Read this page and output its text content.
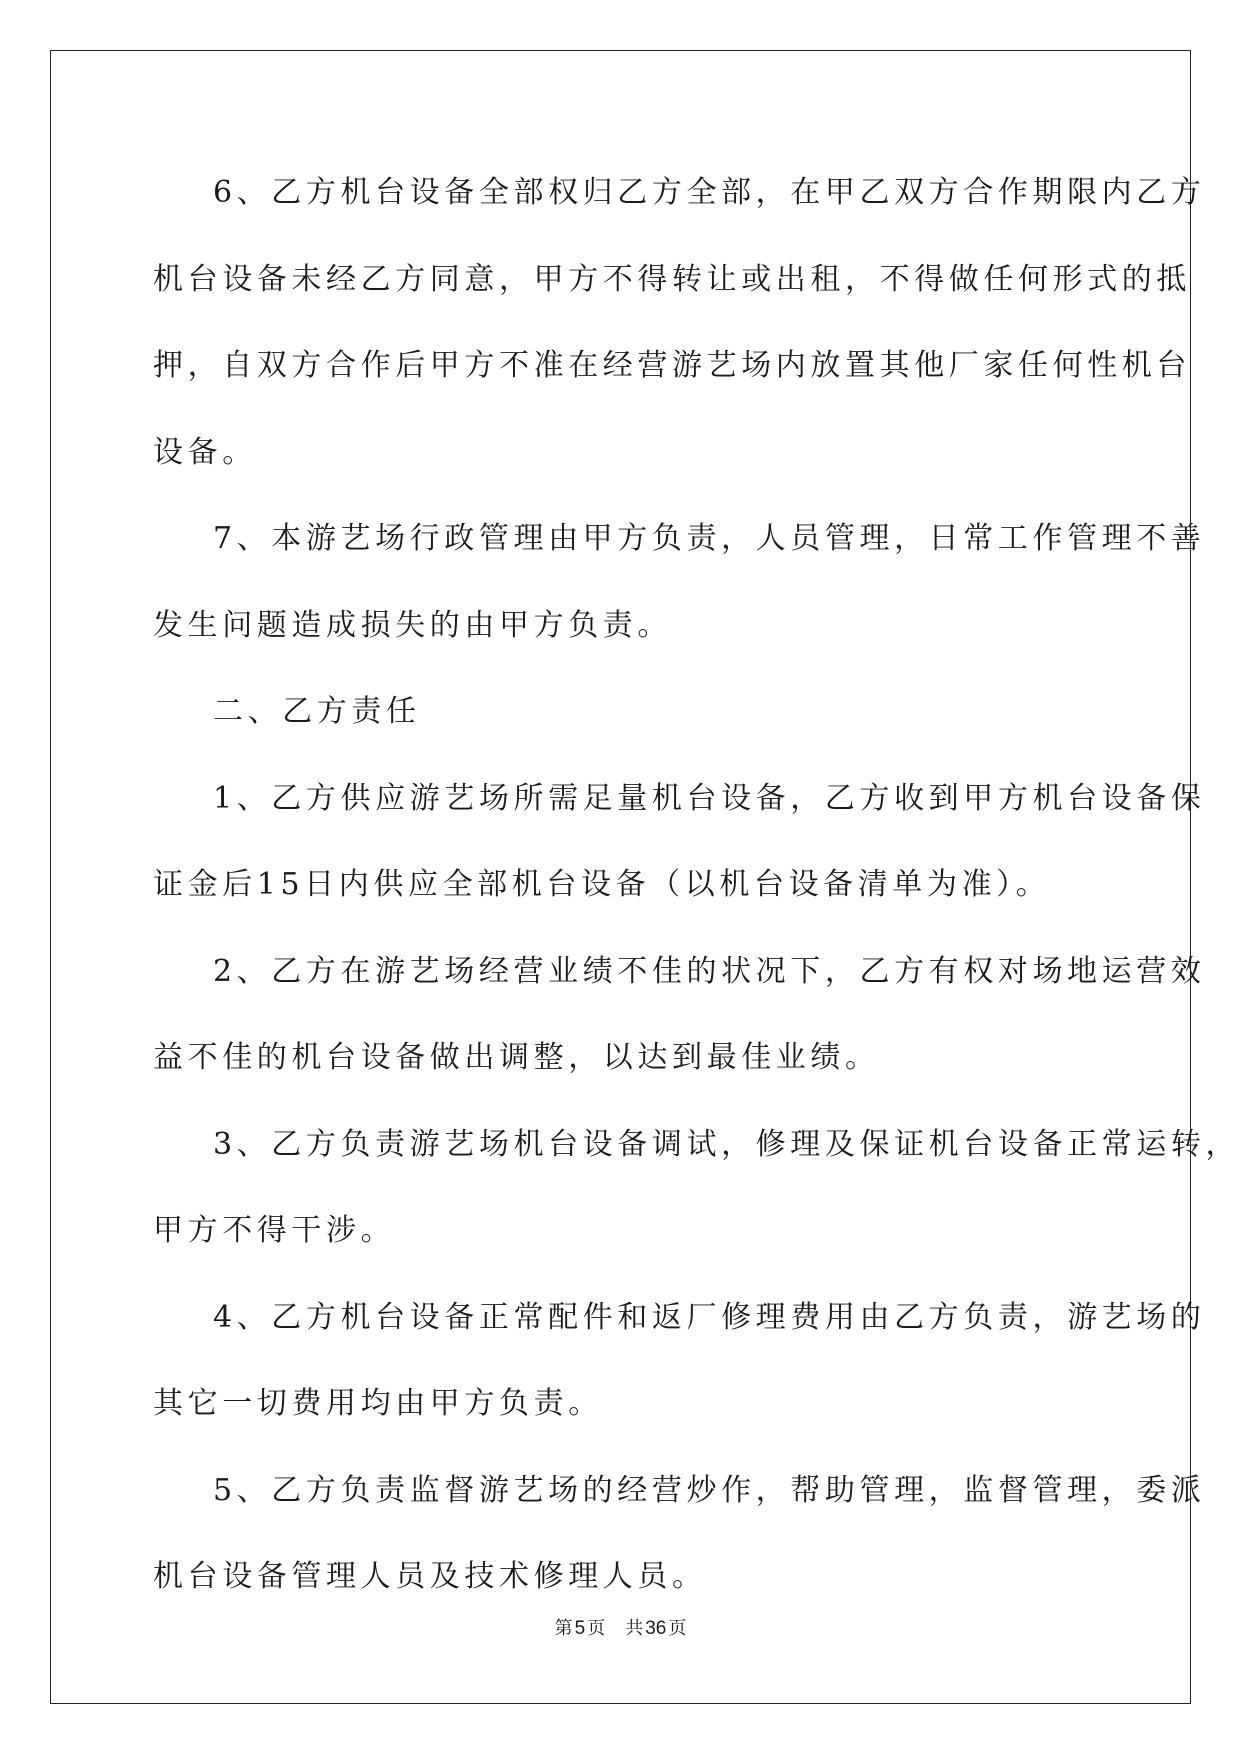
6、乙方机台设备全部权归乙方全部，在甲乙双方合作期限内乙方
机台设备未经乙方同意，甲方不得转让或出租，不得做任何形式的抵
押，自双方合作后甲方不准在经营游艺场内放置其他厂家任何性机台
设备。
7、本游艺场行政管理由甲方负责，人员管理，日常工作管理不善
发生问题造成损失的由甲方负责。
二、乙方责任
1、乙方供应游艺场所需足量机台设备，乙方收到甲方机台设备保
证金后15日内供应全部机台设备（以机台设备清单为准）。
2、乙方在游艺场经营业绩不佳的状况下，乙方有权对场地运营效
益不佳的机台设备做出调整，以达到最佳业绩。
3、乙方负责游艺场机台设备调试，修理及保证机台设备正常运转，
甲方不得干涉。
4、乙方机台设备正常配件和返厂修理费用由乙方负责，游艺场的
其它一切费用均由甲方负责。
5、乙方负责监督游艺场的经营炒作，帮助管理，监督管理，委派
机台设备管理人员及技术修理人员。
第 5 页 共 36 页
